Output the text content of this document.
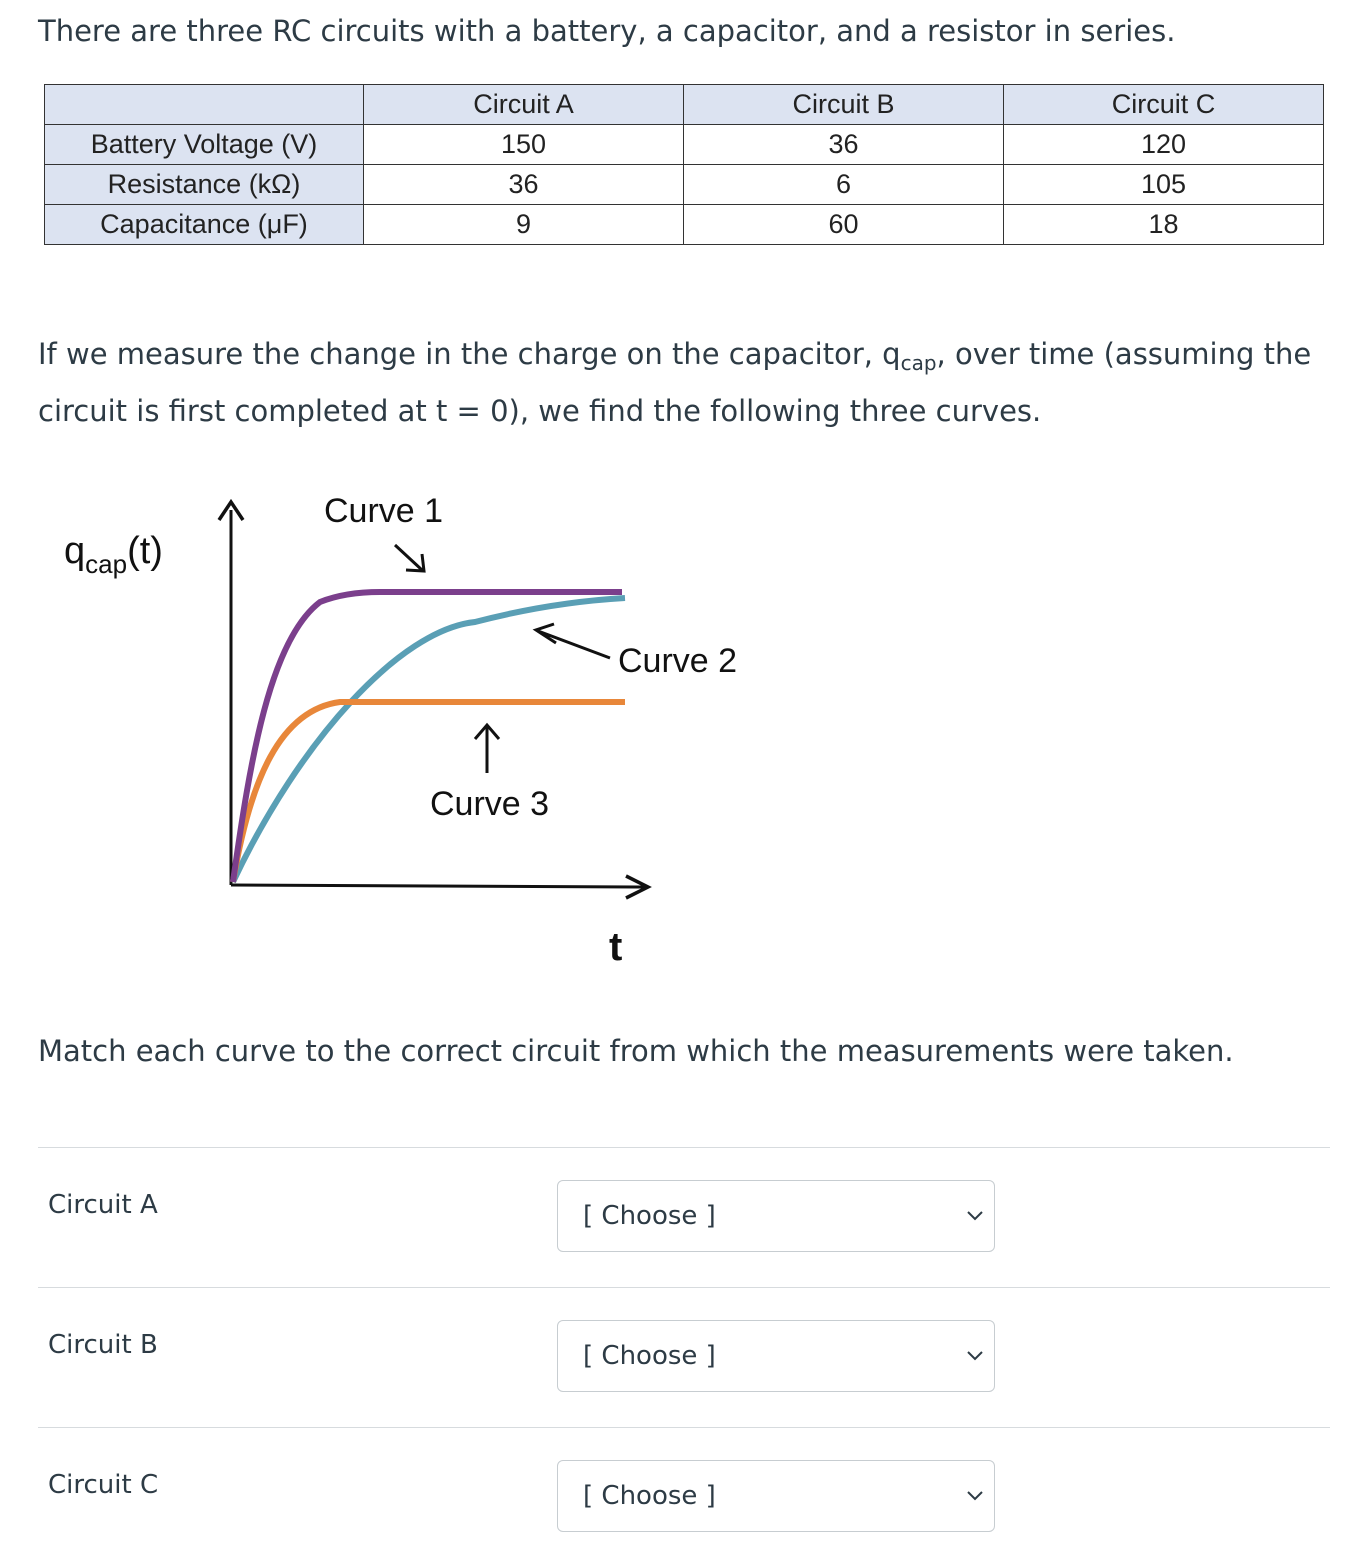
There are three RC circuits with a battery, a capacitor, and a resistor in series.

	Circuit A	Circuit B	Circuit C
Battery Voltage (V)	150	36	120
Resistance (kΩ)	36	6	105
Capacitance (μF)	9	60	18

If we measure the change in the charge on the capacitor, $q_{cap}$, over time (assuming the circuit is first completed at t = 0), we find the following three curves.

$q_{cap}(t)$
t
Curve 1
Curve 2
Curve 3

Match each curve to the correct circuit from which the measurements were taken.

Circuit A	[ Choose ]
Circuit B	[ Choose ]
Circuit C	[ Choose ]
